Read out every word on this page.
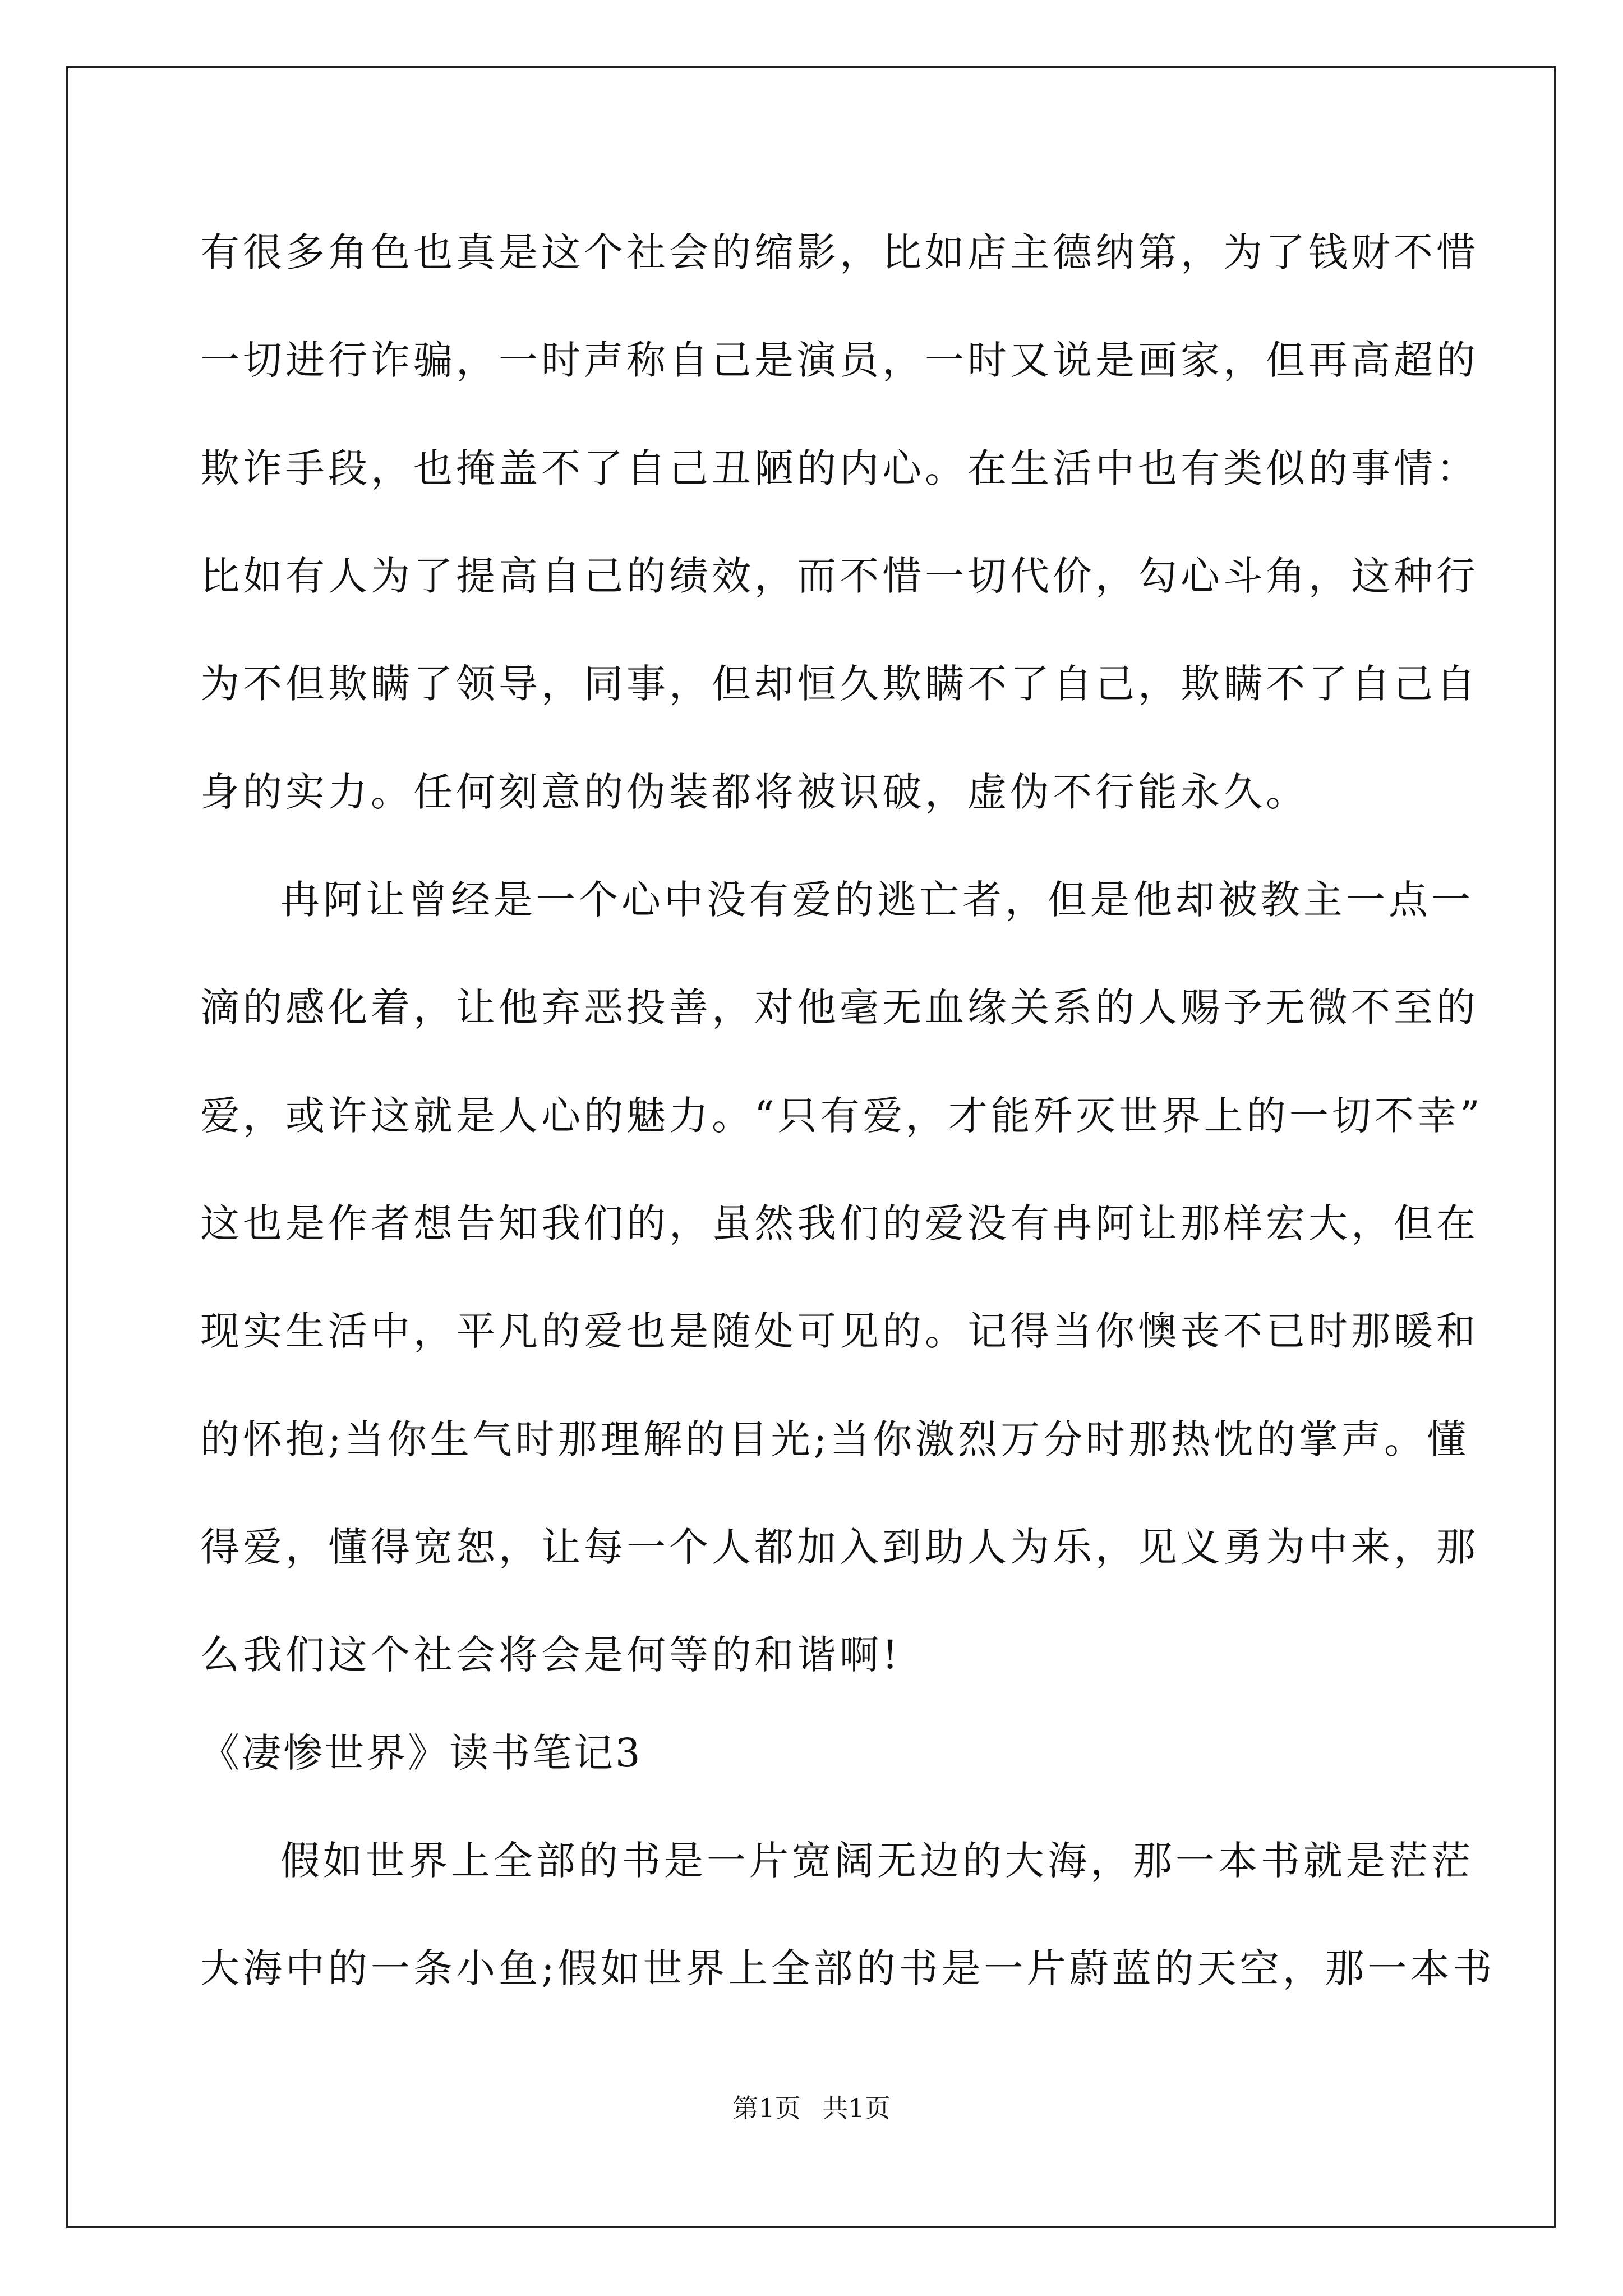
有很多角色也真是这个社会的缩影，比如店主德纳第，为了钱财不惜
一切进行诈骗，一时声称自己是演员，一时又说是画家，但再高超的
欺诈手段，也掩盖不了自己丑陋的内心。在生活中也有类似的事情：
比如有人为了提高自己的绩效，而不惜一切代价，勾心斗角，这种行
为不但欺瞒了领导，同事，但却恒久欺瞒不了自己，欺瞒不了自己自
身的实力。任何刻意的伪装都将被识破，虚伪不行能永久。
冉阿让曾经是一个心中没有爱的逃亡者，但是他却被教主一点一
滴的感化着，让他弃恶投善，对他毫无血缘关系的人赐予无微不至的
爱，或许这就是人心的魅力。“只有爱，才能歼灭世界上的一切不幸”
这也是作者想告知我们的，虽然我们的爱没有冉阿让那样宏大，但在
现实生活中，平凡的爱也是随处可见的。记得当你懊丧不已时那暖和
的怀抱;当你生气时那理解的目光;当你激烈万分时那热忱的掌声。懂
得爱，懂得宽恕，让每一个人都加入到助人为乐，见义勇为中来，那
么我们这个社会将会是何等的和谐啊!
《凄惨世界》读书笔记3
假如世界上全部的书是一片宽阔无边的大海，那一本书就是茫茫
大海中的一条小鱼;假如世界上全部的书是一片蔚蓝的天空，那一本书
第1页 共1页
